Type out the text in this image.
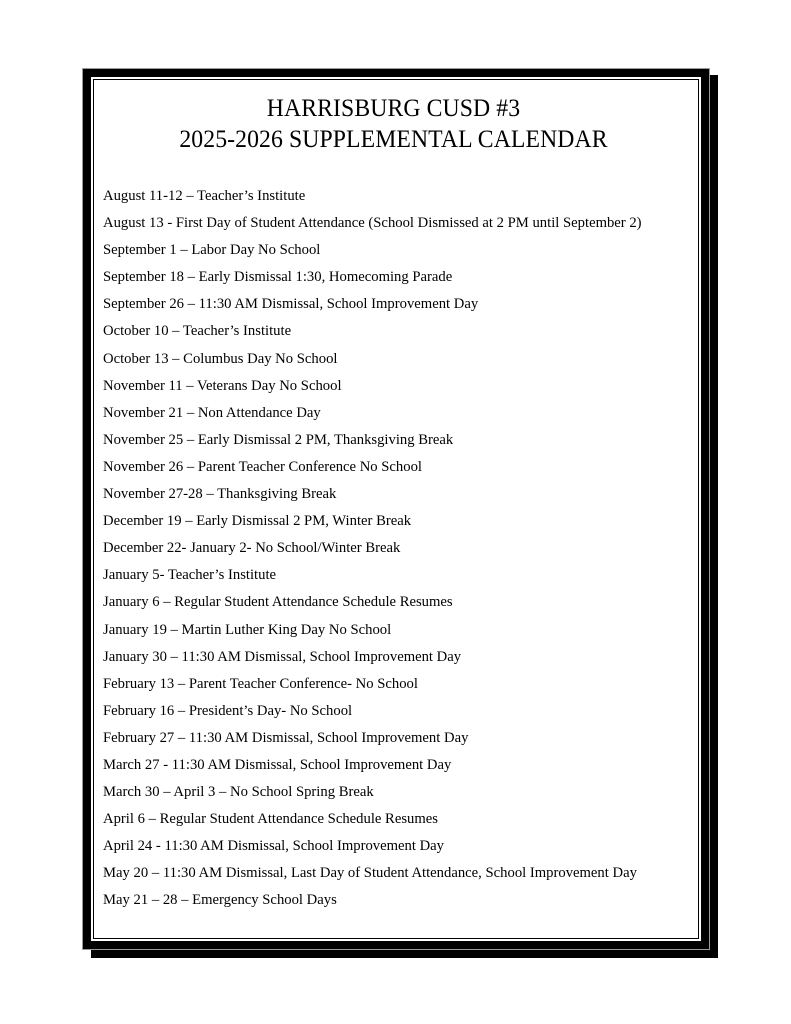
HARRISBURG CUSD #3
2025-2026 SUPPLEMENTAL CALENDAR
August 11-12 – Teacher’s Institute
August 13 - First Day of Student Attendance (School Dismissed at 2 PM until September 2)
September 1 – Labor Day No School
September 18 – Early Dismissal 1:30, Homecoming Parade
September 26 – 11:30 AM Dismissal, School Improvement Day
October 10 – Teacher’s Institute
October 13 – Columbus Day No School
November 11 – Veterans Day No School
November 21 – Non Attendance Day
November 25 – Early Dismissal 2 PM, Thanksgiving Break
November 26 – Parent Teacher Conference No School
November 27-28 – Thanksgiving Break
December 19 – Early Dismissal 2 PM, Winter Break
December 22- January 2- No School/Winter Break
January 5- Teacher’s Institute
January 6 – Regular Student Attendance Schedule Resumes
January 19 – Martin Luther King Day No School
January 30 – 11:30 AM Dismissal, School Improvement Day
February 13 – Parent Teacher Conference- No School
February 16 – President’s Day- No School
February 27 – 11:30 AM Dismissal, School Improvement Day
March 27 - 11:30 AM Dismissal, School Improvement Day
March 30 – April 3 – No School Spring Break
April 6 – Regular Student Attendance Schedule Resumes
April 24 - 11:30 AM Dismissal, School Improvement Day
May 20 – 11:30 AM Dismissal, Last Day of Student Attendance, School Improvement Day
May 21 – 28 – Emergency School Days
